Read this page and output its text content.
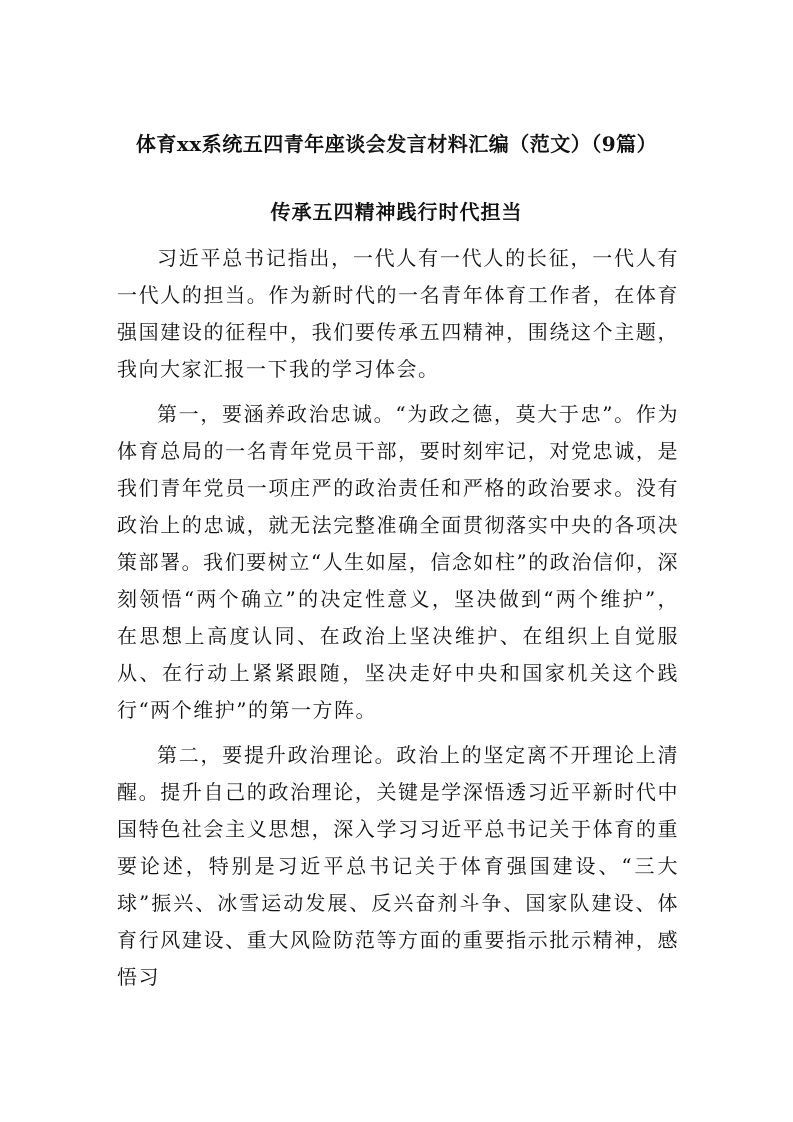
体育xx系统五四青年座谈会发言材料汇编（范文）（9篇）
传承五四精神践行时代担当

习近平总书记指出，一代人有一代人的长征，一代人有一代人的担当。作为新时代的一名青年体育工作者，在体育强国建设的征程中，我们要传承五四精神，围绕这个主题，我向大家汇报一下我的学习体会。

第一，要涵养政治忠诚。“为政之德，莫大于忠”。作为体育总局的一名青年党员干部，要时刻牢记，对党忠诚，是我们青年党员一项庄严的政治责任和严格的政治要求。没有政治上的忠诚，就无法完整准确全面贯彻落实中央的各项决策部署。我们要树立“人生如屋，信念如柱”的政治信仰，深刻领悟“两个确立”的决定性意义，坚决做到“两个维护”，在思想上高度认同、在政治上坚决维护、在组织上自觉服从、在行动上紧紧跟随，坚决走好中央和国家机关这个践行“两个维护”的第一方阵。

第二，要提升政治理论。政治上的坚定离不开理论上清醒。提升自己的政治理论，关键是学深悟透习近平新时代中国特色社会主义思想，深入学习习近平总书记关于体育的重要论述，特别是习近平总书记关于体育强国建设、“三大球”振兴、冰雪运动发展、反兴奋剂斗争、国家队建设、体育行风建设、重大风险防范等方面的重要指示批示精神，感悟习
